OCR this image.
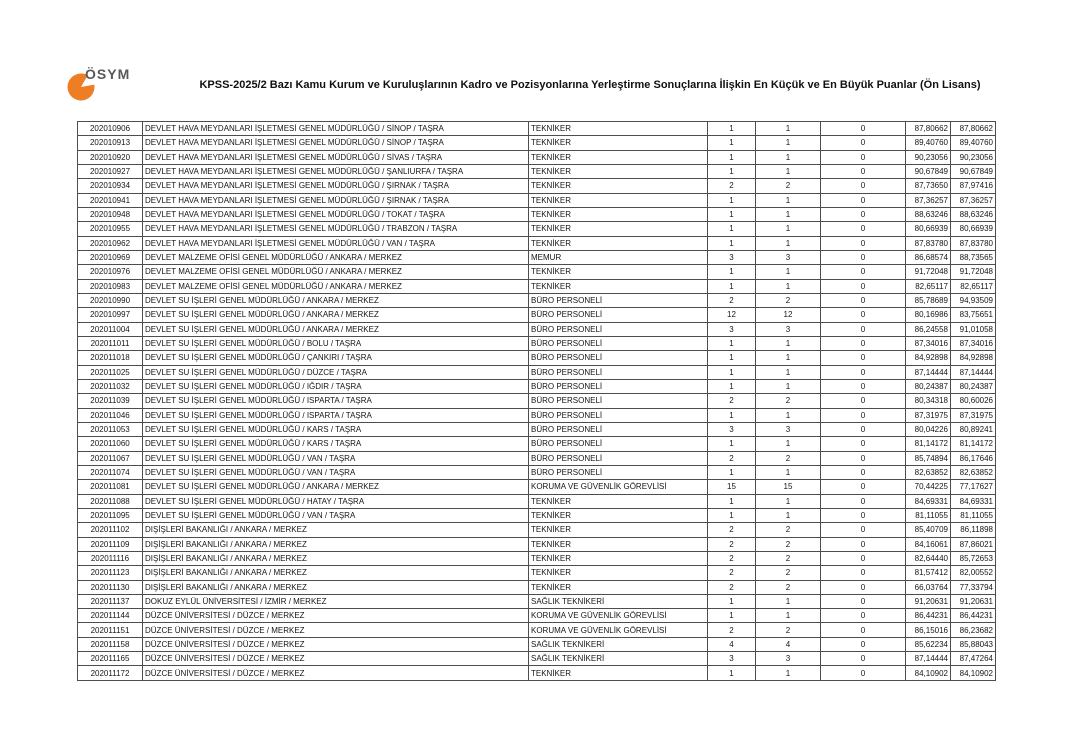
ÖSYM
KPSS-2025/2 Bazı Kamu Kurum ve Kuruluşlarının Kadro ve Pozisyonlarına Yerleştirme Sonuçlarına İlişkin En Küçük ve En Büyük Puanlar (Ön Lisans)
202010906	DEVLET HAVA MEYDANLARI İŞLETMESİ GENEL MÜDÜRLÜĞÜ / SİNOP / TAŞRA	TEKNİKER	1	1	0	87,80662	87,80662
202010913	DEVLET HAVA MEYDANLARI İŞLETMESİ GENEL MÜDÜRLÜĞÜ / SİNOP / TAŞRA	TEKNİKER	1	1	0	89,40760	89,40760
202010920	DEVLET HAVA MEYDANLARI İŞLETMESİ GENEL MÜDÜRLÜĞÜ / SİVAS / TAŞRA	TEKNİKER	1	1	0	90,23056	90,23056
202010927	DEVLET HAVA MEYDANLARI İŞLETMESİ GENEL MÜDÜRLÜĞÜ / ŞANLIURFA / TAŞRA	TEKNİKER	1	1	0	90,67849	90,67849
202010934	DEVLET HAVA MEYDANLARI İŞLETMESİ GENEL MÜDÜRLÜĞÜ / ŞIRNAK / TAŞRA	TEKNİKER	2	2	0	87,73650	87,97416
202010941	DEVLET HAVA MEYDANLARI İŞLETMESİ GENEL MÜDÜRLÜĞÜ / ŞIRNAK / TAŞRA	TEKNİKER	1	1	0	87,36257	87,36257
202010948	DEVLET HAVA MEYDANLARI İŞLETMESİ GENEL MÜDÜRLÜĞÜ / TOKAT / TAŞRA	TEKNİKER	1	1	0	88,63246	88,63246
202010955	DEVLET HAVA MEYDANLARI İŞLETMESİ GENEL MÜDÜRLÜĞÜ / TRABZON / TAŞRA	TEKNİKER	1	1	0	80,66939	80,66939
202010962	DEVLET HAVA MEYDANLARI İŞLETMESİ GENEL MÜDÜRLÜĞÜ / VAN / TAŞRA	TEKNİKER	1	1	0	87,83780	87,83780
202010969	DEVLET MALZEME OFİSİ GENEL MÜDÜRLÜĞÜ / ANKARA / MERKEZ	MEMUR	3	3	0	86,68574	88,73565
202010976	DEVLET MALZEME OFİSİ GENEL MÜDÜRLÜĞÜ / ANKARA / MERKEZ	TEKNİKER	1	1	0	91,72048	91,72048
202010983	DEVLET MALZEME OFİSİ GENEL MÜDÜRLÜĞÜ / ANKARA / MERKEZ	TEKNİKER	1	1	0	82,65117	82,65117
202010990	DEVLET SU İŞLERİ GENEL MÜDÜRLÜĞÜ / ANKARA / MERKEZ	BÜRO PERSONELİ	2	2	0	85,78689	94,93509
202010997	DEVLET SU İŞLERİ GENEL MÜDÜRLÜĞÜ / ANKARA / MERKEZ	BÜRO PERSONELİ	12	12	0	80,16986	83,75651
202011004	DEVLET SU İŞLERİ GENEL MÜDÜRLÜĞÜ / ANKARA / MERKEZ	BÜRO PERSONELİ	3	3	0	86,24558	91,01058
202011011	DEVLET SU İŞLERİ GENEL MÜDÜRLÜĞÜ / BOLU / TAŞRA	BÜRO PERSONELİ	1	1	0	87,34016	87,34016
202011018	DEVLET SU İŞLERİ GENEL MÜDÜRLÜĞÜ / ÇANKIRI / TAŞRA	BÜRO PERSONELİ	1	1	0	84,92898	84,92898
202011025	DEVLET SU İŞLERİ GENEL MÜDÜRLÜĞÜ / DÜZCE / TAŞRA	BÜRO PERSONELİ	1	1	0	87,14444	87,14444
202011032	DEVLET SU İŞLERİ GENEL MÜDÜRLÜĞÜ / IĞDIR / TAŞRA	BÜRO PERSONELİ	1	1	0	80,24387	80,24387
202011039	DEVLET SU İŞLERİ GENEL MÜDÜRLÜĞÜ / ISPARTA / TAŞRA	BÜRO PERSONELİ	2	2	0	80,34318	80,60026
202011046	DEVLET SU İŞLERİ GENEL MÜDÜRLÜĞÜ / ISPARTA / TAŞRA	BÜRO PERSONELİ	1	1	0	87,31975	87,31975
202011053	DEVLET SU İŞLERİ GENEL MÜDÜRLÜĞÜ / KARS / TAŞRA	BÜRO PERSONELİ	3	3	0	80,04226	80,89241
202011060	DEVLET SU İŞLERİ GENEL MÜDÜRLÜĞÜ / KARS / TAŞRA	BÜRO PERSONELİ	1	1	0	81,14172	81,14172
202011067	DEVLET SU İŞLERİ GENEL MÜDÜRLÜĞÜ / VAN / TAŞRA	BÜRO PERSONELİ	2	2	0	85,74894	86,17646
202011074	DEVLET SU İŞLERİ GENEL MÜDÜRLÜĞÜ / VAN / TAŞRA	BÜRO PERSONELİ	1	1	0	82,63852	82,63852
202011081	DEVLET SU İŞLERİ GENEL MÜDÜRLÜĞÜ / ANKARA / MERKEZ	KORUMA VE GÜVENLİK GÖREVLİSİ	15	15	0	70,44225	77,17627
202011088	DEVLET SU İŞLERİ GENEL MÜDÜRLÜĞÜ / HATAY / TAŞRA	TEKNİKER	1	1	0	84,69331	84,69331
202011095	DEVLET SU İŞLERİ GENEL MÜDÜRLÜĞÜ / VAN / TAŞRA	TEKNİKER	1	1	0	81,11055	81,11055
202011102	DIŞİŞLERİ BAKANLIĞI / ANKARA / MERKEZ	TEKNİKER	2	2	0	85,40709	86,11898
202011109	DIŞİŞLERİ BAKANLIĞI / ANKARA / MERKEZ	TEKNİKER	2	2	0	84,16061	87,86021
202011116	DIŞİŞLERİ BAKANLIĞI / ANKARA / MERKEZ	TEKNİKER	2	2	0	82,64440	85,72653
202011123	DIŞİŞLERİ BAKANLIĞI / ANKARA / MERKEZ	TEKNİKER	2	2	0	81,57412	82,00552
202011130	DIŞİŞLERİ BAKANLIĞI / ANKARA / MERKEZ	TEKNİKER	2	2	0	66,03764	77,33794
202011137	DOKUZ EYLÜL ÜNİVERSİTESİ / İZMİR / MERKEZ	SAĞLIK TEKNİKERİ	1	1	0	91,20631	91,20631
202011144	DÜZCE ÜNİVERSİTESİ / DÜZCE / MERKEZ	KORUMA VE GÜVENLİK GÖREVLİSİ	1	1	0	86,44231	86,44231
202011151	DÜZCE ÜNİVERSİTESİ / DÜZCE / MERKEZ	KORUMA VE GÜVENLİK GÖREVLİSİ	2	2	0	86,15016	86,23682
202011158	DÜZCE ÜNİVERSİTESİ / DÜZCE / MERKEZ	SAĞLIK TEKNİKERİ	4	4	0	85,62234	85,88043
202011165	DÜZCE ÜNİVERSİTESİ / DÜZCE / MERKEZ	SAĞLIK TEKNİKERİ	3	3	0	87,14444	87,47264
202011172	DÜZCE ÜNİVERSİTESİ / DÜZCE / MERKEZ	TEKNİKER	1	1	0	84,10902	84,10902
